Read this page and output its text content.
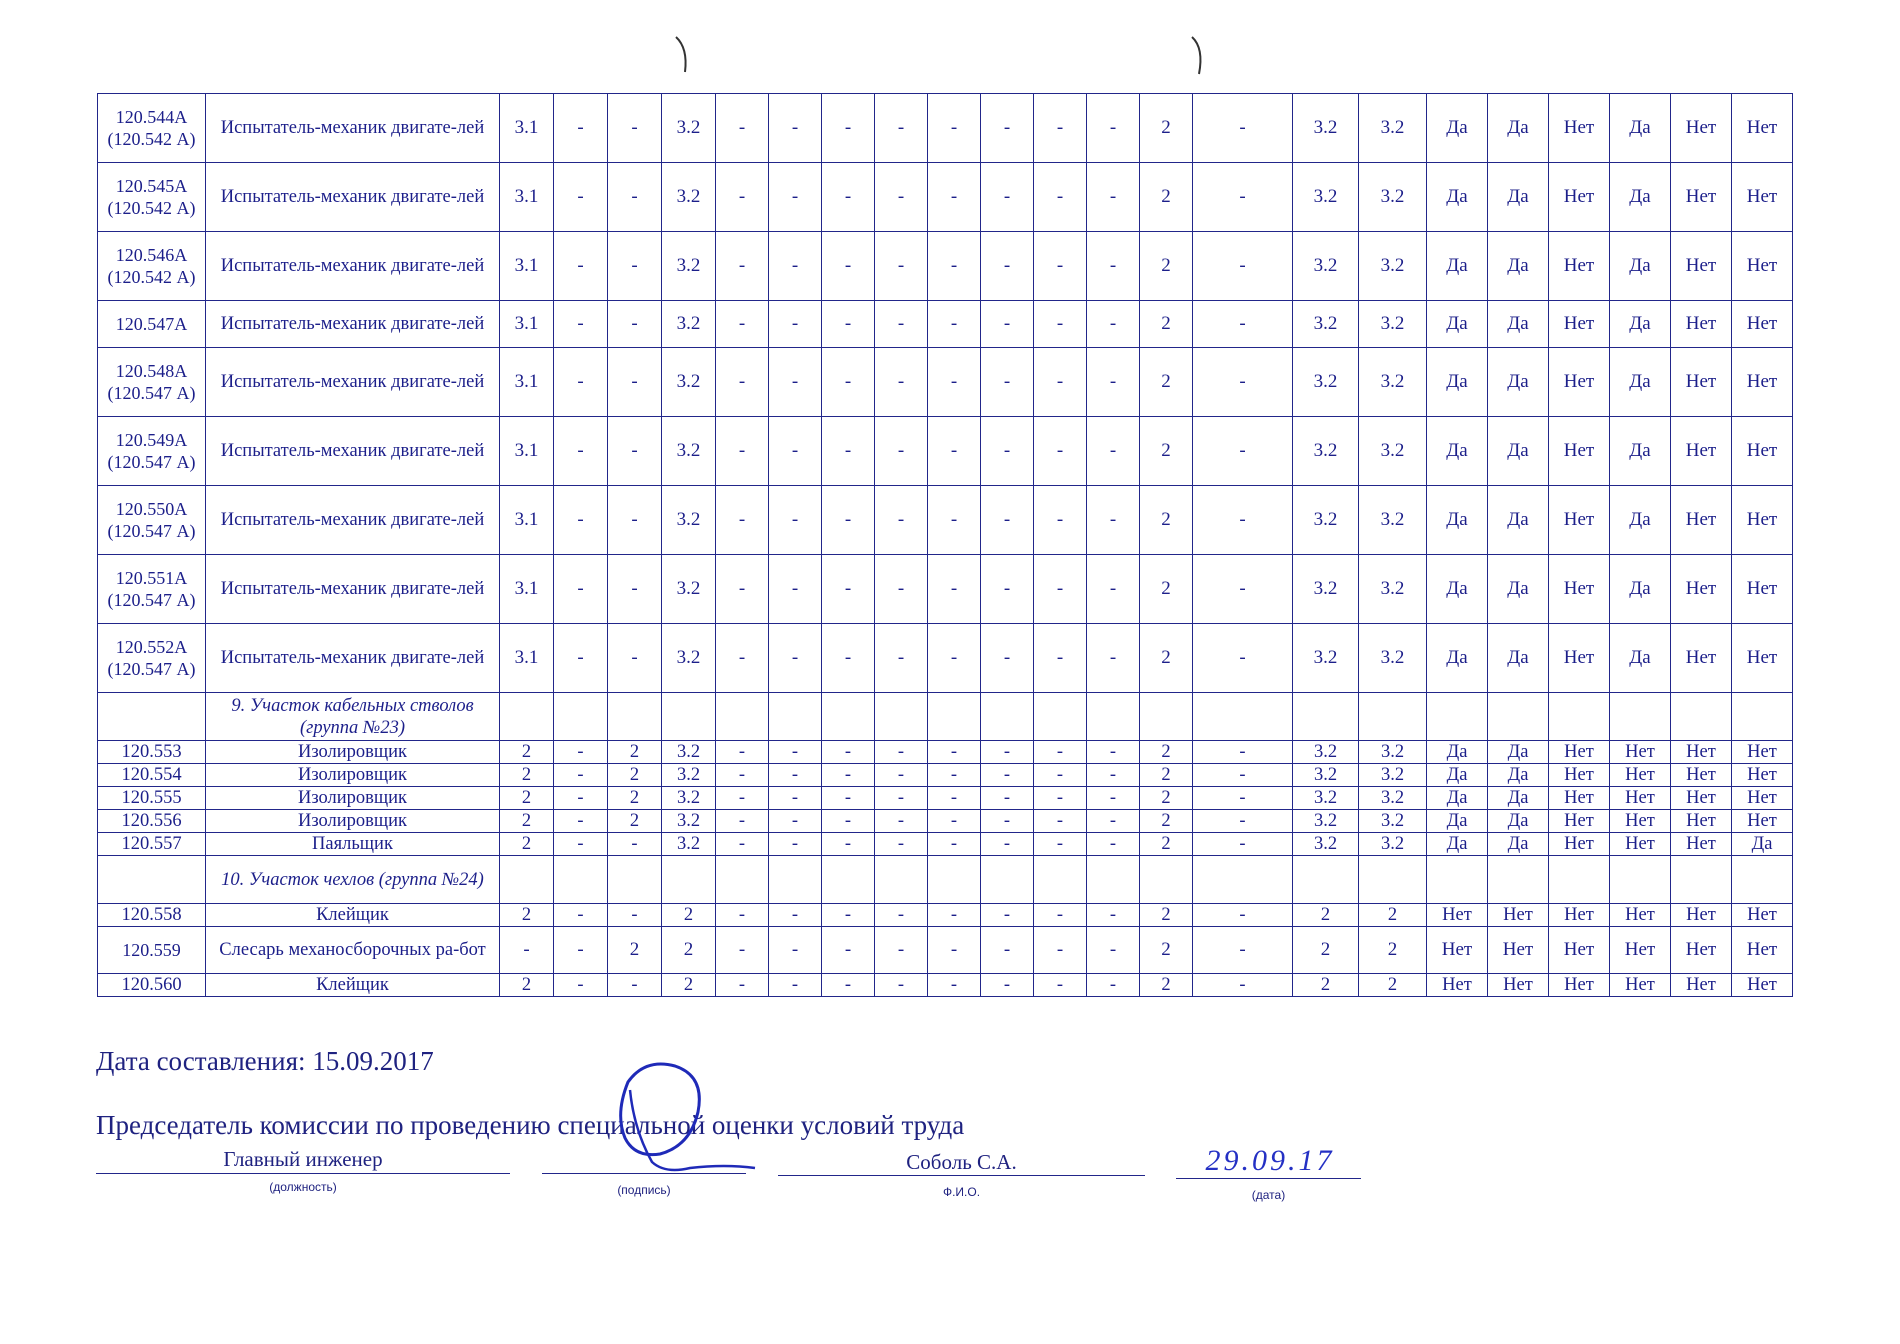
120.544А (120.542 А)	Испытатель-механик двигате-лей	3.1	-	-	3.2	-	-	-	-	-	-	-	-	2	-	3.2	3.2	Да	Да	Нет	Да	Нет	Нет
120.545А (120.542 А)	Испытатель-механик двигате-лей	3.1	-	-	3.2	-	-	-	-	-	-	-	-	2	-	3.2	3.2	Да	Да	Нет	Да	Нет	Нет
120.546А (120.542 А)	Испытатель-механик двигате-лей	3.1	-	-	3.2	-	-	-	-	-	-	-	-	2	-	3.2	3.2	Да	Да	Нет	Да	Нет	Нет
120.547А	Испытатель-механик двигате-лей	3.1	-	-	3.2	-	-	-	-	-	-	-	-	2	-	3.2	3.2	Да	Да	Нет	Да	Нет	Нет
120.548А (120.547 А)	Испытатель-механик двигате-лей	3.1	-	-	3.2	-	-	-	-	-	-	-	-	2	-	3.2	3.2	Да	Да	Нет	Да	Нет	Нет
120.549А (120.547 А)	Испытатель-механик двигате-лей	3.1	-	-	3.2	-	-	-	-	-	-	-	-	2	-	3.2	3.2	Да	Да	Нет	Да	Нет	Нет
120.550А (120.547 А)	Испытатель-механик двигате-лей	3.1	-	-	3.2	-	-	-	-	-	-	-	-	2	-	3.2	3.2	Да	Да	Нет	Да	Нет	Нет
120.551А (120.547 А)	Испытатель-механик двигате-лей	3.1	-	-	3.2	-	-	-	-	-	-	-	-	2	-	3.2	3.2	Да	Да	Нет	Да	Нет	Нет
120.552А (120.547 А)	Испытатель-механик двигате-лей	3.1	-	-	3.2	-	-	-	-	-	-	-	-	2	-	3.2	3.2	Да	Да	Нет	Да	Нет	Нет
	9. Участок кабельных стволов (группа №23)																						
120.553	Изолировщик	2	-	2	3.2	-	-	-	-	-	-	-	-	2	-	3.2	3.2	Да	Да	Нет	Нет	Нет	Нет
120.554	Изолировщик	2	-	2	3.2	-	-	-	-	-	-	-	-	2	-	3.2	3.2	Да	Да	Нет	Нет	Нет	Нет
120.555	Изолировщик	2	-	2	3.2	-	-	-	-	-	-	-	-	2	-	3.2	3.2	Да	Да	Нет	Нет	Нет	Нет
120.556	Изолировщик	2	-	2	3.2	-	-	-	-	-	-	-	-	2	-	3.2	3.2	Да	Да	Нет	Нет	Нет	Нет
120.557	Паяльщик	2	-	-	3.2	-	-	-	-	-	-	-	-	2	-	3.2	3.2	Да	Да	Нет	Нет	Нет	Да
	10. Участок чехлов (группа №24)																						
120.558	Клейщик	2	-	-	2	-	-	-	-	-	-	-	-	2	-	2	2	Нет	Нет	Нет	Нет	Нет	Нет
120.559	Слесарь механосборочных ра-бот	-	-	2	2	-	-	-	-	-	-	-	-	2	-	2	2	Нет	Нет	Нет	Нет	Нет	Нет
120.560	Клейщик	2	-	-	2	-	-	-	-	-	-	-	-	2	-	2	2	Нет	Нет	Нет	Нет	Нет	Нет
Дата составления: 15.09.2017
Председатель комиссии по проведению специальной оценки условий труда
Главный инженер
(должность)	(подпись)
Соболь С.А.
Ф.И.О.
29.09.17
(дата)
